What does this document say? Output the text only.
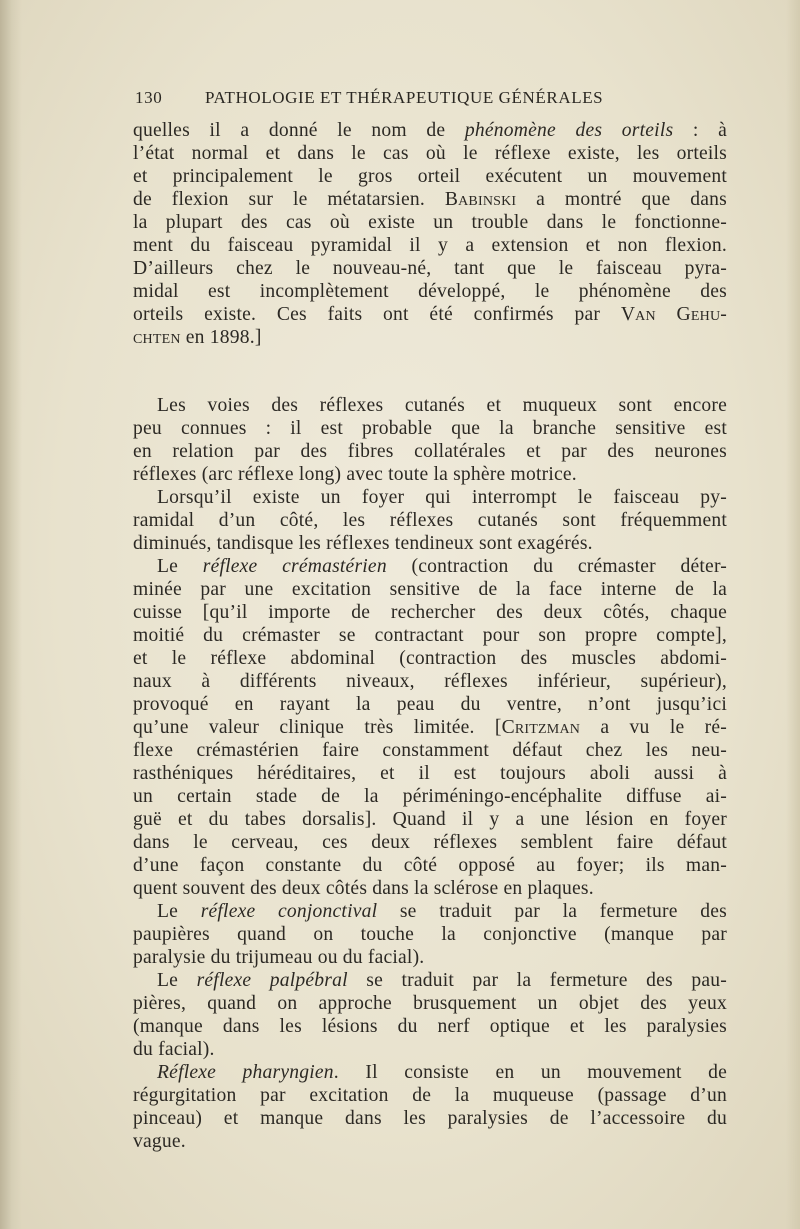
130	PATHOLOGIE ET THÉRAPEUTIQUE GÉNÉRALES
quelles il a donné le nom de phénomène des orteils : à
l’état normal et dans le cas où le réflexe existe, les orteils
et principalement le gros orteil exécutent un mouvement
de flexion sur le métatarsien. Babinski a montré que dans
la plupart des cas où existe un trouble dans le fonctionne-
ment du faisceau pyramidal il y a extension et non flexion.
D’ailleurs chez le nouveau-né, tant que le faisceau pyra-
midal est incomplètement développé, le phénomène des
orteils existe. Ces faits ont été confirmés par Van Gehu-
chten en 1898.]
Les voies des réflexes cutanés et muqueux sont encore
peu connues : il est probable que la branche sensitive est
en relation par des fibres collatérales et par des neurones
réflexes (arc réflexe long) avec toute la sphère motrice.
Lorsqu’il existe un foyer qui interrompt le faisceau py-
ramidal d’un côté, les réflexes cutanés sont fréquemment
diminués, tandisque les réflexes tendineux sont exagérés.
Le réflexe crémastérien (contraction du crémaster déter-
minée par une excitation sensitive de la face interne de la
cuisse [qu’il importe de rechercher des deux côtés, chaque
moitié du crémaster se contractant pour son propre compte],
et le réflexe abdominal (contraction des muscles abdomi-
naux à différents niveaux, réflexes inférieur, supérieur),
provoqué en rayant la peau du ventre, n’ont jusqu’ici
qu’une valeur clinique très limitée. [Critzman a vu le ré-
flexe crémastérien faire constamment défaut chez les neu-
rasthéniques héréditaires, et il est toujours aboli aussi à
un certain stade de la périméningo-encéphalite diffuse ai-
guë et du tabes dorsalis]. Quand il y a une lésion en foyer
dans le cerveau, ces deux réflexes semblent faire défaut
d’une façon constante du côté opposé au foyer; ils man-
quent souvent des deux côtés dans la sclérose en plaques.
Le réflexe conjonctival se traduit par la fermeture des
paupières quand on touche la conjonctive (manque par
paralysie du trijumeau ou du facial).
Le réflexe palpébral se traduit par la fermeture des pau-
pières, quand on approche brusquement un objet des yeux
(manque dans les lésions du nerf optique et les paralysies
du facial).
Réflexe pharyngien. Il consiste en un mouvement de
régurgitation par excitation de la muqueuse (passage d’un
pinceau) et manque dans les paralysies de l’accessoire du
vague.
